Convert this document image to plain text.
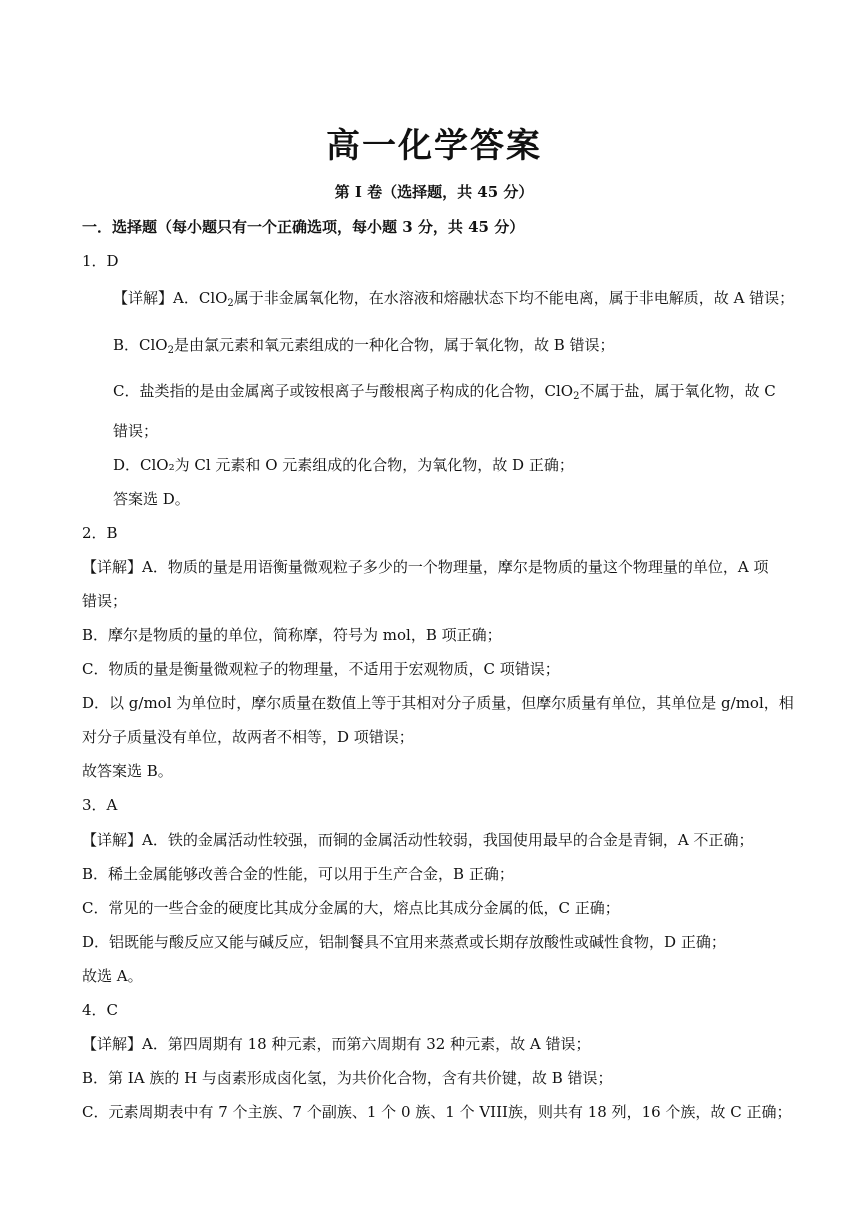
高一化学答案
第 I 卷（选择题，共 45 分）
一．选择题（每小题只有一个正确选项，每小题 3 分，共 45 分）
1．D
【详解】A．ClO$_2$属于非金属氧化物，在水溶液和熔融状态下均不能电离，属于非电解质，故 A 错误；
B．ClO$_2$是由氯元素和氧元素组成的一种化合物，属于氧化物，故 B 错误；
C．盐类指的是由金属离子或铵根离子与酸根离子构成的化合物，ClO$_2$不属于盐，属于氧化物，故 C
错误；
D．ClO₂为 Cl 元素和 O 元素组成的化合物，为氧化物，故 D 正确；
答案选 D。
2．B
【详解】A．物质的量是用语衡量微观粒子多少的一个物理量，摩尔是物质的量这个物理量的单位，A 项
错误；
B．摩尔是物质的量的单位，简称摩，符号为 mol，B 项正确；
C．物质的量是衡量微观粒子的物理量，不适用于宏观物质，C 项错误；
D．以 g/mol 为单位时，摩尔质量在数值上等于其相对分子质量，但摩尔质量有单位，其单位是 g/mol，相
对分子质量没有单位，故两者不相等，D 项错误；
故答案选 B。
3．A
【详解】A．铁的金属活动性较强，而铜的金属活动性较弱，我国使用最早的合金是青铜，A 不正确；
B．稀土金属能够改善合金的性能，可以用于生产合金，B 正确；
C．常见的一些合金的硬度比其成分金属的大，熔点比其成分金属的低，C 正确；
D．铝既能与酸反应又能与碱反应，铝制餐具不宜用来蒸煮或长期存放酸性或碱性食物，D 正确；
故选 A。
4．C
【详解】A．第四周期有 18 种元素，而第六周期有 32 种元素，故 A 错误；
B．第 IA 族的 H 与卤素形成卤化氢，为共价化合物，含有共价键，故 B 错误；
C．元素周期表中有 7 个主族、7 个副族、1 个 0 族、1 个 VIII族，则共有 18 列，16 个族，故 C 正确；
